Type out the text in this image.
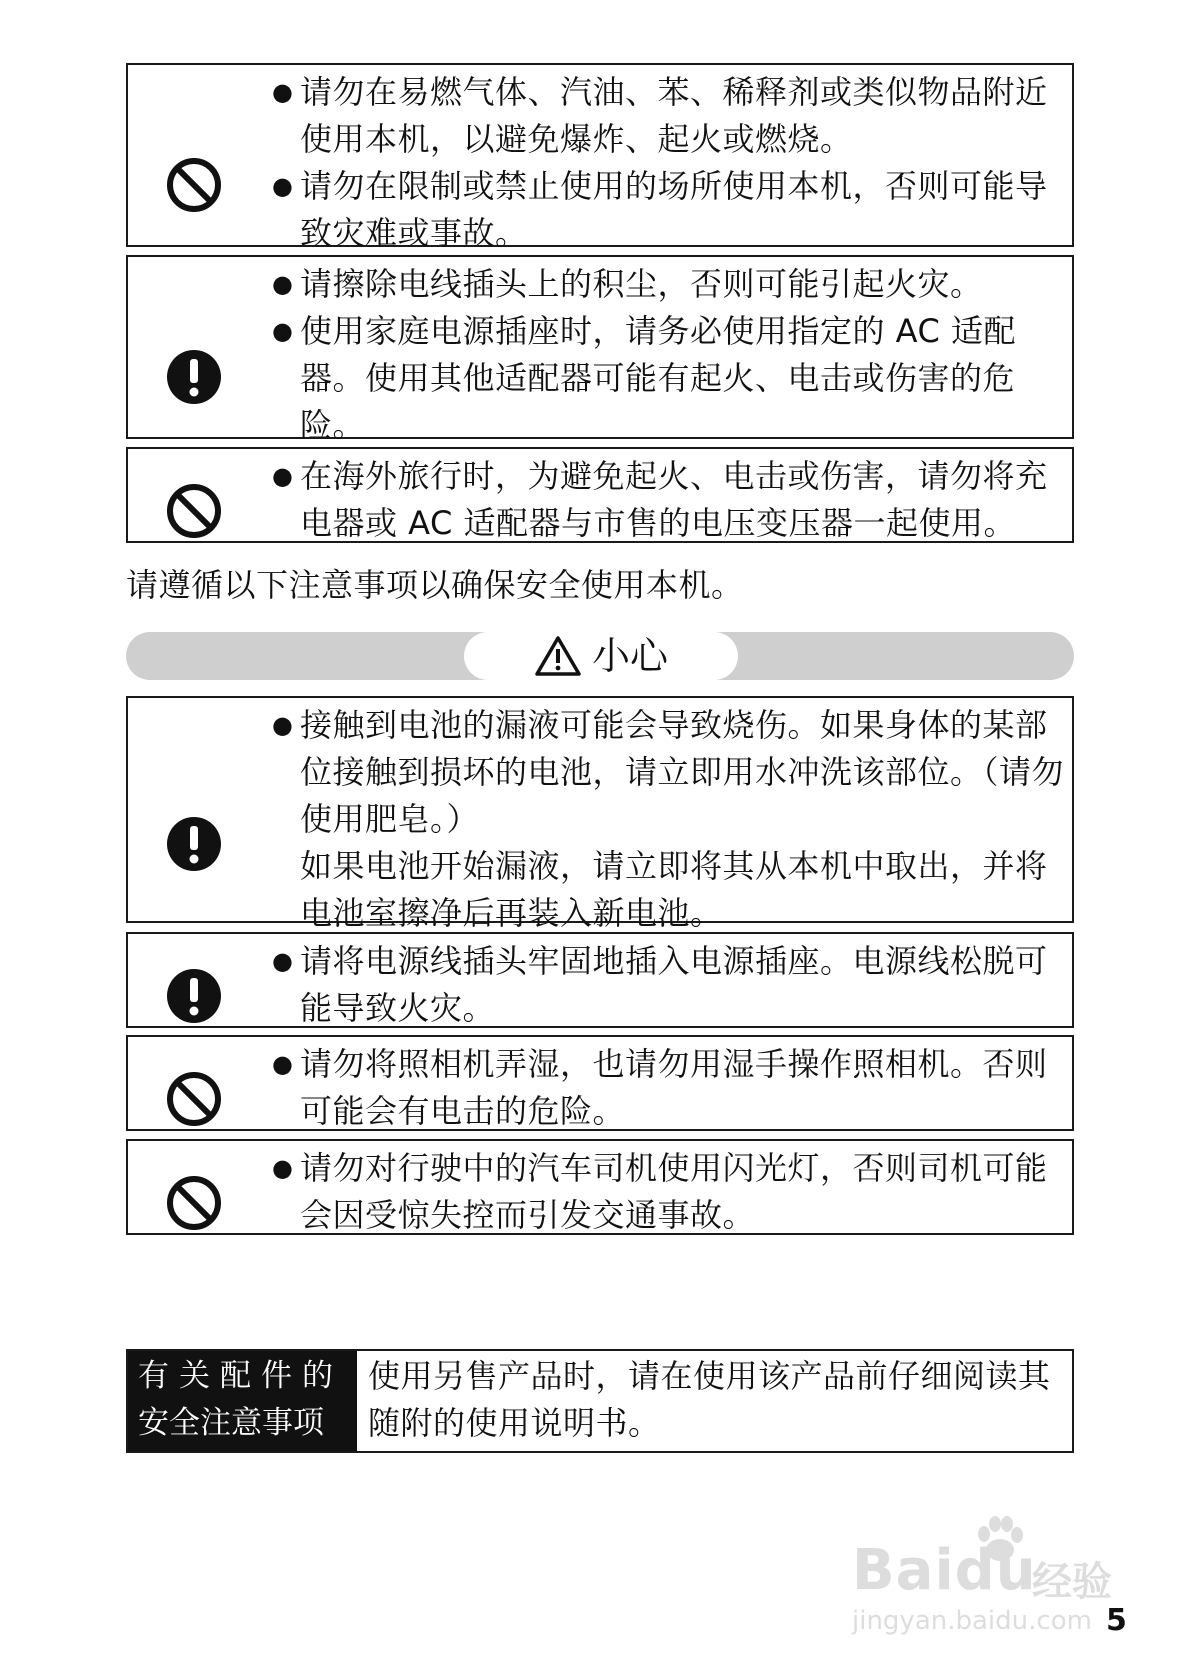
● 请勿在易燃气体、汽油、苯、稀释剂或类似物品附近使用本机，以避免爆炸、起火或燃烧。
● 请勿在限制或禁止使用的场所使用本机，否则可能导致灾难或事故。
● 请擦除电线插头上的积尘，否则可能引起火灾。
● 使用家庭电源插座时，请务必使用指定的 AC 适配器。使用其他适配器可能有起火、电击或伤害的危险。
● 在海外旅行时，为避免起火、电击或伤害，请勿将充电器或 AC 适配器与市售的电压变压器一起使用。
请遵循以下注意事项以确保安全使用本机。
小心
● 接触到电池的漏液可能会导致烧伤。如果身体的某部位接触到损坏的电池，请立即用水冲洗该部位。（请勿使用肥皂。）
如果电池开始漏液，请立即将其从本机中取出，并将电池室擦净后再装入新电池。
● 请将电源线插头牢固地插入电源插座。电源线松脱可能导致火灾。
● 请勿将照相机弄湿，也请勿用湿手操作照相机。否则可能会有电击的危险。
● 请勿对行驶中的汽车司机使用闪光灯，否则司机可能会因受惊失控而引发交通事故。
有关配件的
安全注意事项
使用另售产品时，请在使用该产品前仔细阅读其随附的使用说明书。
Baidu
经验
jingyan.baidu.com 5
